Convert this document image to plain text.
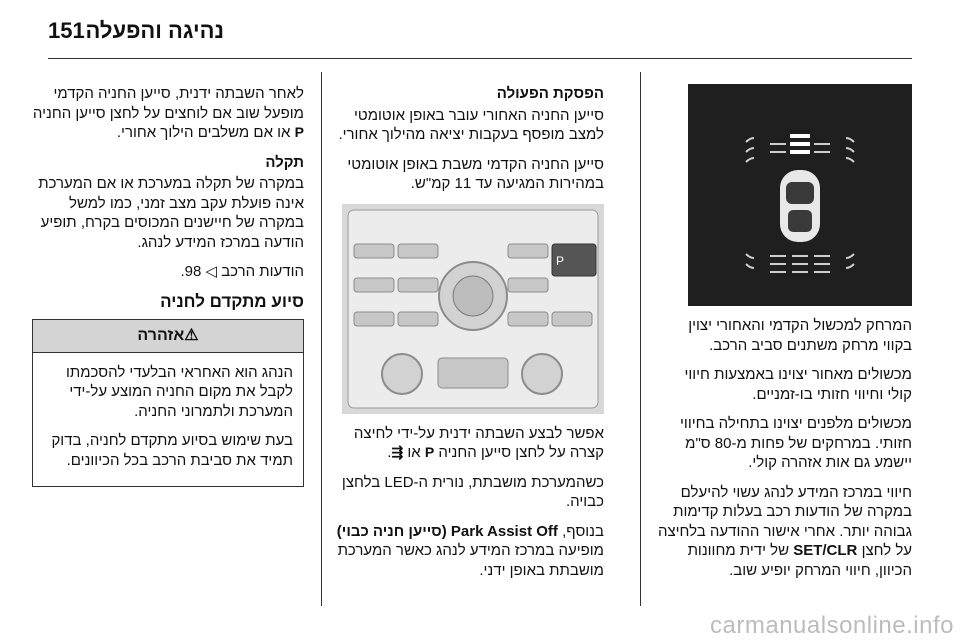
151 נהיגה והפעלה

המרחק למכשול הקדמי והאחורי יצוין בקווי מרחק משתנים סביב הרכב.

מכשולים מאחור יצוינו באמצעות חיווי קולי וחיווי חזותי בו-זמניים.

מכשולים מלפנים יצוינו בתחילה בחיווי חזותי. במרחקים של פחות מ-80 ס"מ יישמע גם אות אזהרה קולי.

חיווי במרכז המידע לנהג עשוי להיעלם במקרה של הודעות רכב בעלות קדימות גבוהה יותר. אחרי אישור ההודעה בלחיצה על לחצן SET/CLR של ידית מחוונות הכיוון, חיווי המרחק יופיע שוב.

הפסקת הפעולה

סייען החניה האחורי עובר באופן אוטומטי למצב מופסף בעקבות יציאה מהילוך אחורי.

סייען החניה הקדמי משבת באופן אוטומטי במהירות המגיעה עד 11 קמ"ש.

P

אפשר לבצע השבתה ידנית על-ידי לחיצה קצרה על לחצן סייען החניה P או ⇶.

כשהמערכת מושבתת, נורית ה-LED בלחצן כבויה.

בנוסף, Park Assist Off (סייען חניה כבוי) מופיעה במרכז המידע לנהג כאשר המערכת מושבתת באופן ידני.

לאחר השבתה ידנית, סייען החניה הקדמי מופעל שוב אם לוחצים על לחצן סייען החניה P או אם משלבים הילוך אחורי.

תקלה

במקרה של תקלה במערכת או אם המערכת אינה פועלת עקב מצב זמני, כמו למשל במקרה של חיישנים המכוסים בקרח, תופיע הודעה במרכז המידע לנהג.

הודעות הרכב ◁ 98.

סיוע מתקדם לחניה
⚠אזהרה

הנהג הוא האחראי הבלעדי להסכמתו לקבל את מקום החניה המוצע על-ידי המערכת ולתמרוני החניה.

בעת שימוש בסיוע מתקדם לחניה, בדוק תמיד את סביבת הרכב בכל הכיוונים.

carmanualsonline.info
